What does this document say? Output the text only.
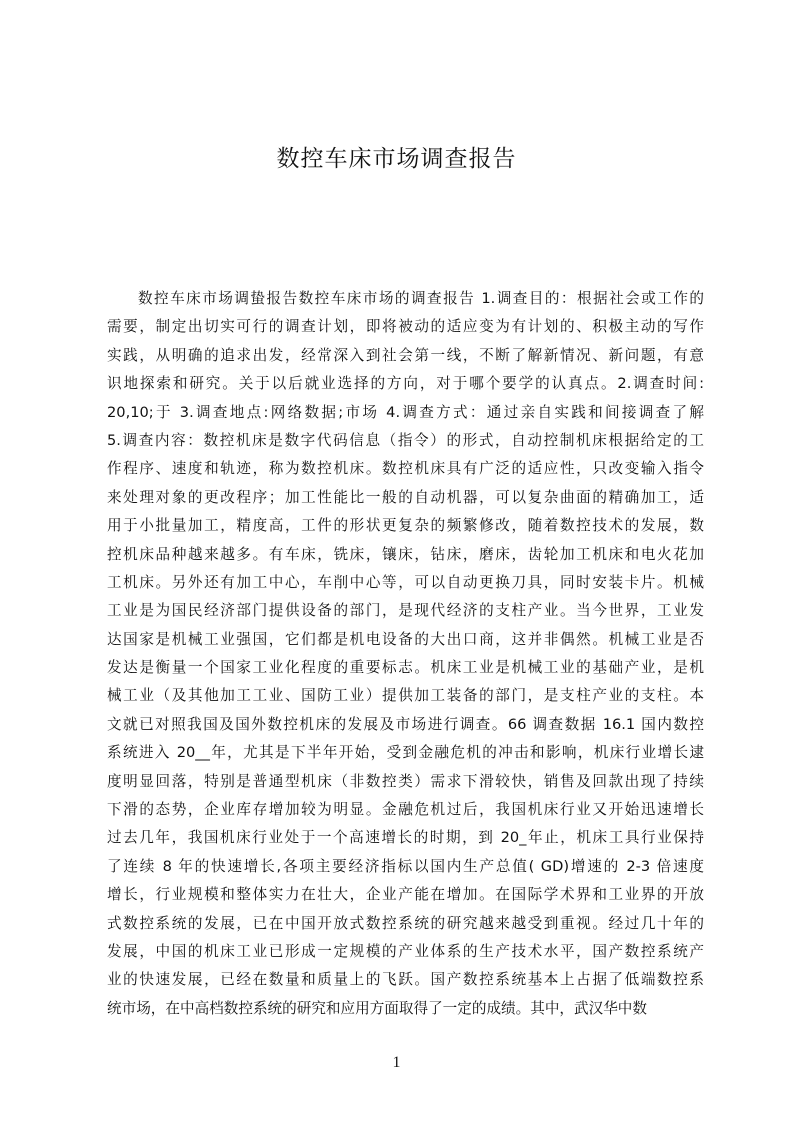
数控车床市场调查报告
数控车床市场调蛰报告数控车床市场的调查报告 1.调查目的：根据社会或工作的
需要，制定出切实可行的调查计划，即将被动的适应变为有计划的、积极主动的写作
实践，从明确的追求出发，经常深入到社会第一线，不断了解新情况、新问题，有意
识地探索和研究。关于以后就业选择的方向，对于哪个要学的认真点。2.调查时间:
20,10;于 3.调查地点:网络数据;市场 4.调查方式：通过亲自实践和间接调查了解
5.调查内容：数控机床是数字代码信息（指令）的形式，自动控制机床根据给定的工
作程序、速度和轨迹，称为数控机床。数控机床具有广泛的适应性，只改变输入指令
来处理对象的更改程序；加工性能比一般的自动机器，可以复杂曲面的精确加工，适
用于小批量加工，精度高，工件的形状更复杂的频繁修改，随着数控技术的发展，数
控机床品种越来越多。有车床，铣床，镶床，钻床，磨床，齿轮加工机床和电火花加
工机床。另外还有加工中心，车削中心等，可以自动更换刀具，同时安装卡片。机械
工业是为国民经济部门提供设备的部门，是现代经济的支柱产业。当今世界，工业发
达国家是机械工业强国，它们都是机电设备的大出口商，这并非偶然。机械工业是否
发达是衡量一个国家工业化程度的重要标志。机床工业是机械工业的基础产业，是机
械工业（及其他加工工业、国防工业）提供加工装备的部门，是支柱产业的支柱。本
文就已对照我国及国外数控机床的发展及市场进行调查。66 调查数据 16.1 国内数控
系统进入 20__年，尤其是下半年开始，受到金融危机的冲击和影响，机床行业增长逮
度明显回落，特别是普通型机床（非数控类）需求下滑较快，销售及回款出现了持续
下滑的态势，企业库存增加较为明显。金融危机过后，我国机床行业又开始迅速增长
过去几年，我国机床行业处于一个高速增长的时期，到 20_年止，机床工具行业保持
了连续 8 年的快速增长,各项主要经济指标以国内生产总值( GD)增速的 2-3 倍速度
增长，行业规模和整体实力在壮大，企业产能在增加。在国际学术界和工业界的开放
式数控系统的发展，已在中国开放式数控系统的研究越来越受到重视。经过几十年的
发展，中国的机床工业已形成一定规模的产业体系的生产技术水平，国产数控系统产
业的快速发展，已经在数量和质量上的飞跃。国产数控系统基本上占据了低端数控系
统市场，在中高档数控系统的研究和应用方面取得了一定的成绩。其中，武汉华中数
1
